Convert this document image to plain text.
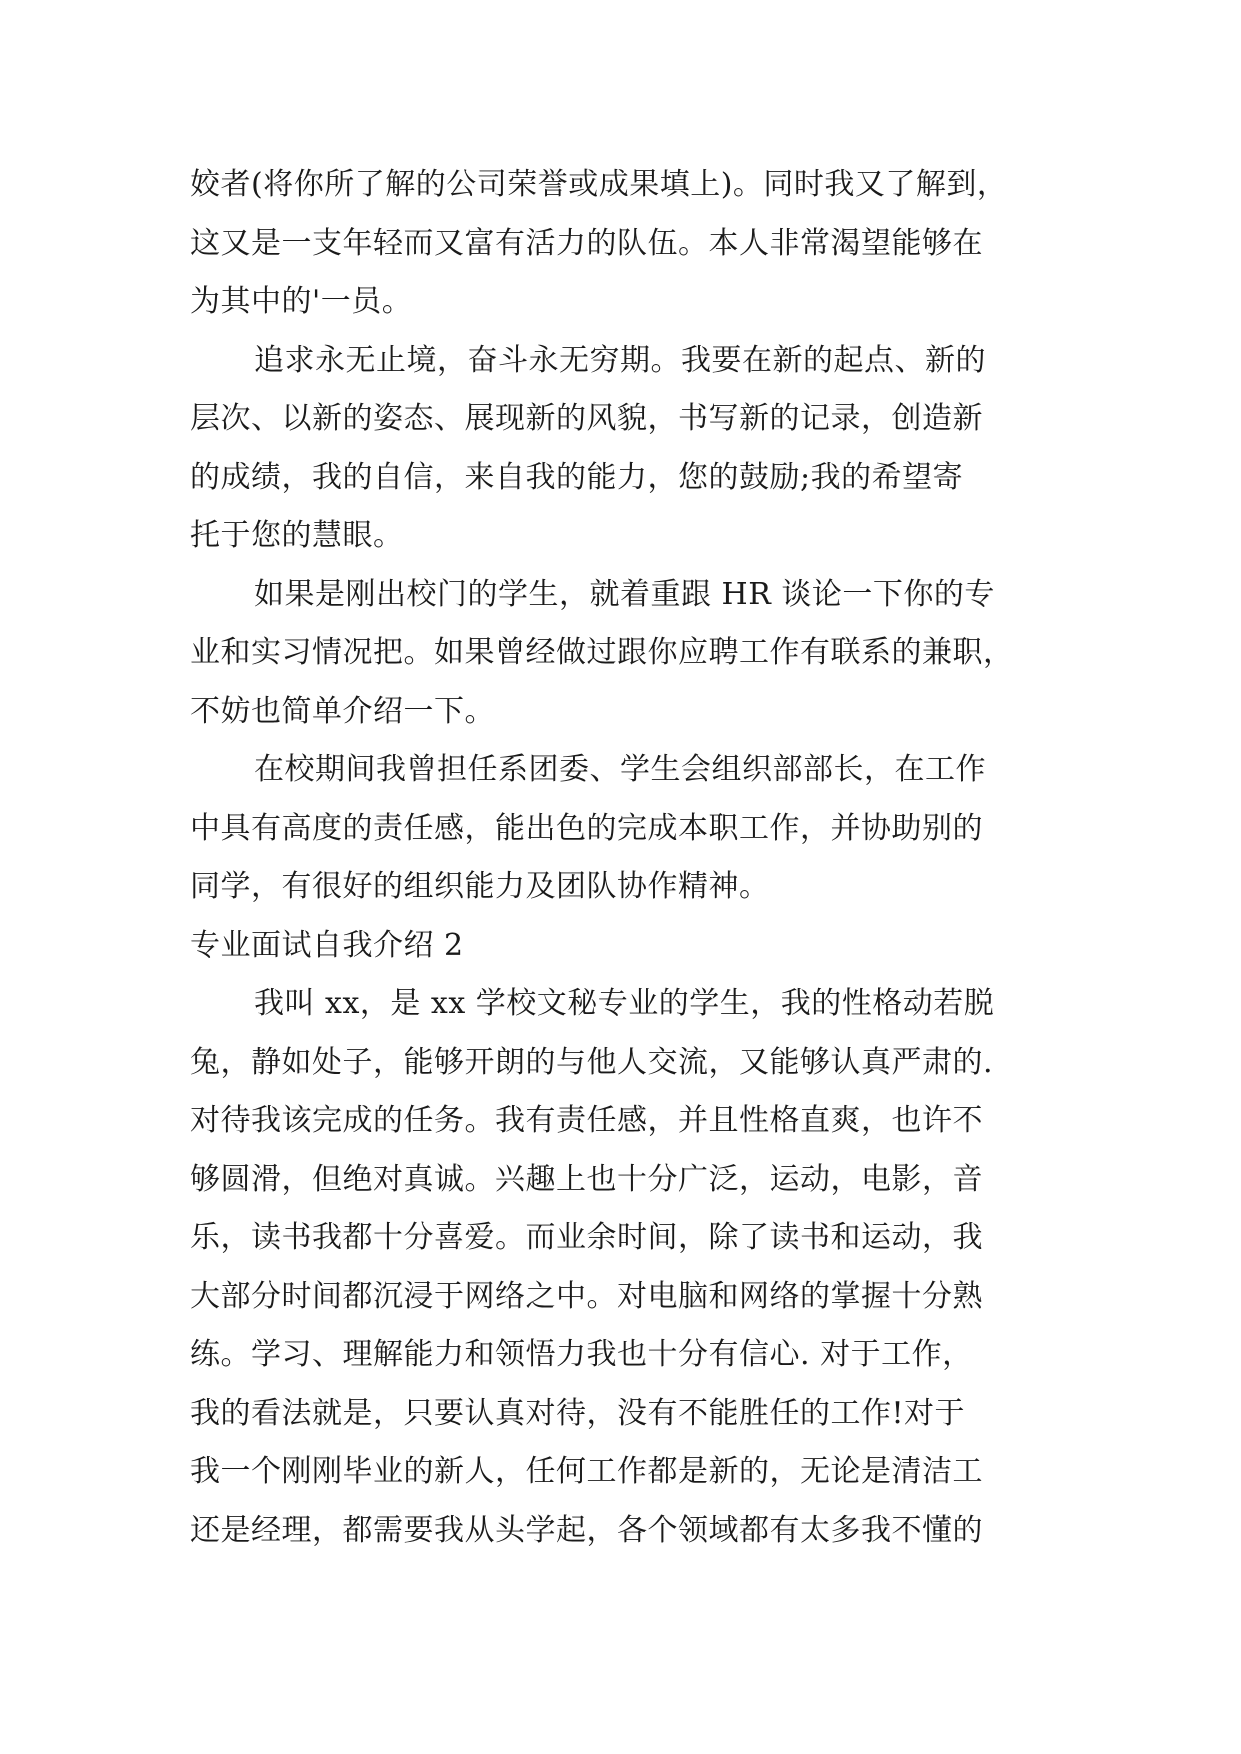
姣者(将你所了解的公司荣誉或成果填上)。同时我又了解到，
这又是一支年轻而又富有活力的队伍。本人非常渴望能够在
为其中的'一员。
追求永无止境，奋斗永无穷期。我要在新的起点、新的
层次、以新的姿态、展现新的风貌，书写新的记录，创造新
的成绩，我的自信，来自我的能力，您的鼓励;我的希望寄
托于您的慧眼。
如果是刚出校门的学生，就着重跟 HR 谈论一下你的专
业和实习情况把。如果曾经做过跟你应聘工作有联系的兼职，
不妨也简单介绍一下。
在校期间我曾担任系团委、学生会组织部部长，在工作
中具有高度的责任感，能出色的完成本职工作，并协助别的
同学，有很好的组织能力及团队协作精神。
专业面试自我介绍 2
我叫 xx，是 xx 学校文秘专业的学生，我的性格动若脱
兔，静如处子，能够开朗的与他人交流，又能够认真严肃的.
对待我该完成的任务。我有责任感，并且性格直爽，也许不
够圆滑，但绝对真诚。兴趣上也十分广泛，运动，电影，音
乐，读书我都十分喜爱。而业余时间，除了读书和运动，我
大部分时间都沉浸于网络之中。对电脑和网络的掌握十分熟
练。学习、理解能力和领悟力我也十分有信心. 对于工作，
我的看法就是，只要认真对待，没有不能胜任的工作!对于
我一个刚刚毕业的新人，任何工作都是新的，无论是清洁工
还是经理，都需要我从头学起，各个领域都有太多我不懂的
